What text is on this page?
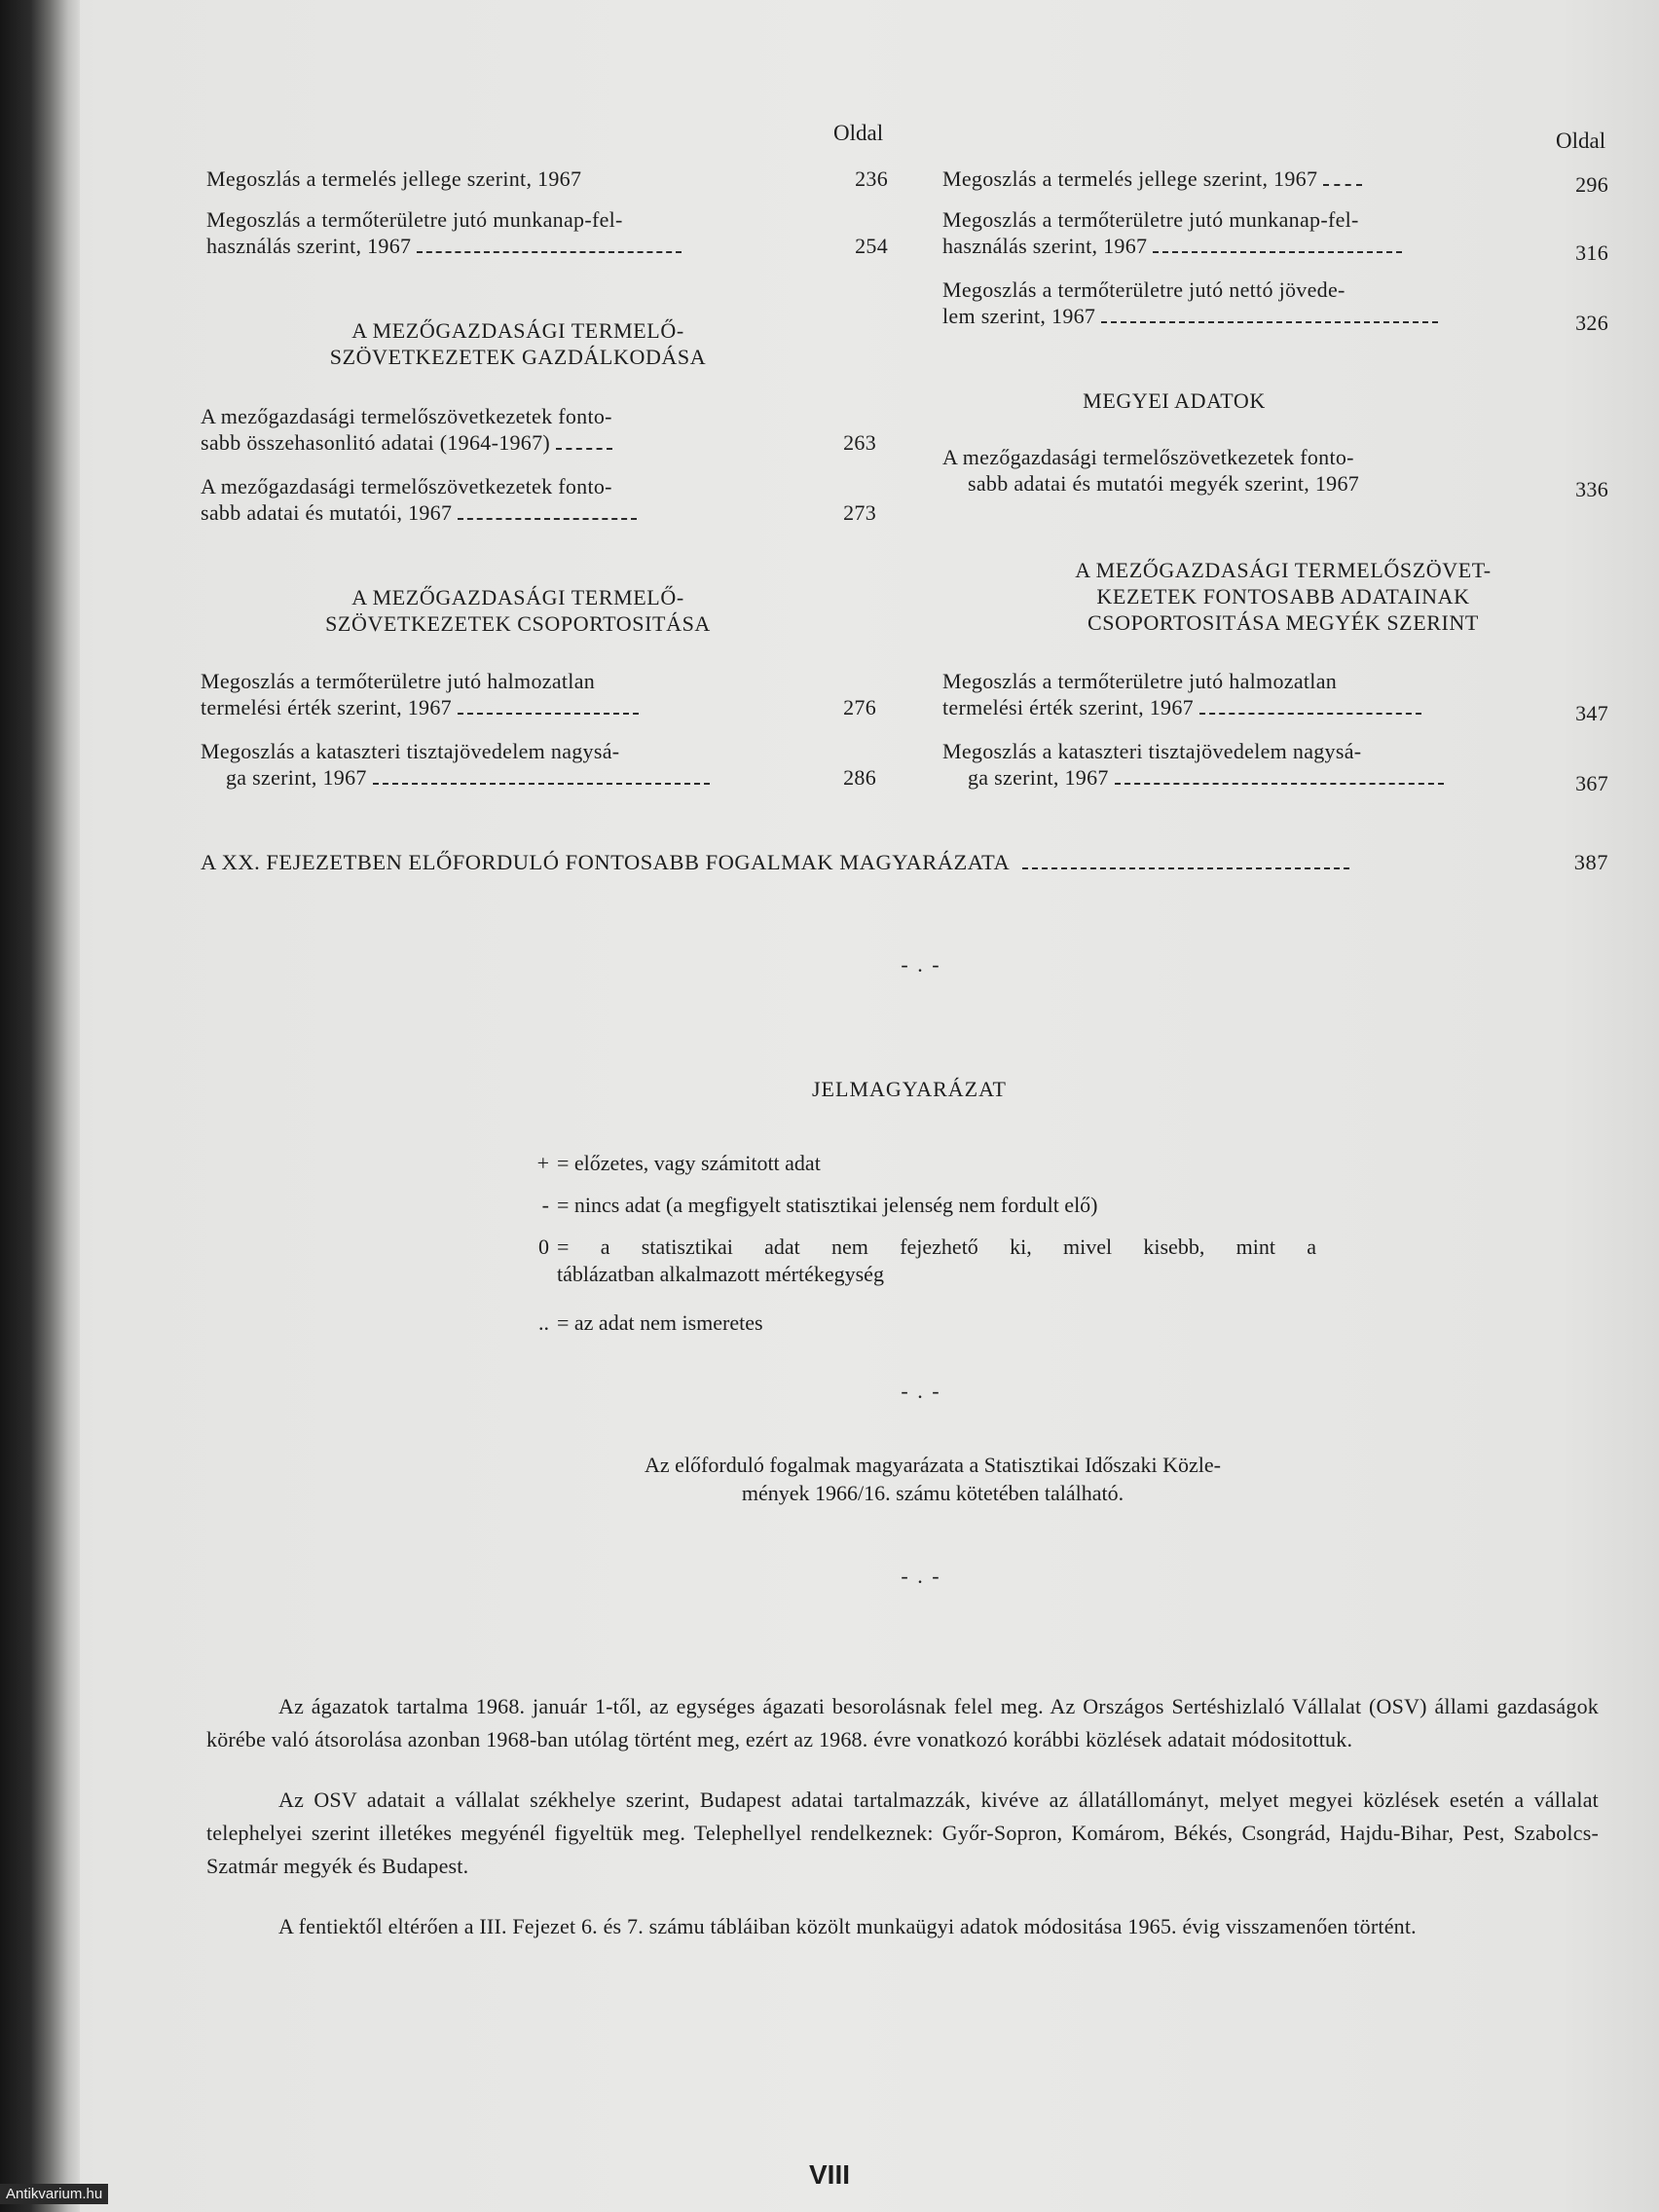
Oldal	Oldal
Megoszlás a termelés jellege szerint, 1967	236
Megoszlás a termőterületre jutó munkanap-fel-
használás szerint, 1967	254
A MEZŐGAZDASÁGI TERMELŐ-
SZÖVETKEZETEK GAZDÁLKODÁSA
A mezőgazdasági termelőszövetkezetek fonto-
sabb összehasonlitó adatai (1964-1967)	263
A mezőgazdasági termelőszövetkezetek fonto-
sabb adatai és mutatói, 1967	273
A MEZŐGAZDASÁGI TERMELŐ-
SZÖVETKEZETEK CSOPORTOSITÁSA
Megoszlás a termőterületre jutó halmozatlan
termelési érték szerint, 1967	276
Megoszlás a kataszteri tisztajövedelem nagysá-
ga szerint, 1967	286
Megoszlás a termelés jellege szerint, 1967	296
Megoszlás a termőterületre jutó munkanap-fel-
használás szerint, 1967	316
Megoszlás a termőterületre jutó nettó jövede-
lem szerint, 1967	326
MEGYEI ADATOK
A mezőgazdasági termelőszövetkezetek fonto-
sabb adatai és mutatói megyék szerint, 1967	336
A MEZŐGAZDASÁGI TERMELŐSZÖVET-
KEZETEK FONTOSABB ADATAINAK
CSOPORTOSITÁSA MEGYÉK SZERINT
Megoszlás a termőterületre jutó halmozatlan
termelési érték szerint, 1967	347
Megoszlás a kataszteri tisztajövedelem nagysá-
ga szerint, 1967	367
A XX. FEJEZETBEN ELŐFORDULÓ FONTOSABB FOGALMAK MAGYARÁZATA	387
- . -
JELMAGYARÁZAT
+ = előzetes, vagy számitott adat
- = nincs adat (a megfigyelt statisztikai jelenség nem fordult elő)
0 = a statisztikai adat nem fejezhető ki, mivel kisebb, mint a
táblázatban alkalmazott mértékegység
.. = az adat nem ismeretes
- . -
Az előforduló fogalmak magyarázata a Statisztikai Időszaki Közle-
mények 1966/16. számu kötetében található.
- . -

Az ágazatok tartalma 1968. január 1-től, az egységes ágazati besorolásnak felel meg. Az Országos Sertéshizlaló Vállalat (OSV) állami gazdaságok körébe való átsorolása azonban 1968-ban utólag történt meg, ezért az 1968. évre vonatkozó korábbi közlések adatait módositottuk.

Az OSV adatait a vállalat székhelye szerint, Budapest adatai tartalmazzák, kivéve az állatállományt, melyet megyei közlések esetén a vállalat telephelyei szerint illetékes megyénél figyeltük meg. Telephellyel rendelkeznek: Győr-Sopron, Komárom, Békés, Csongrád, Hajdu-Bihar, Pest, Szabolcs-Szatmár megyék és Budapest.

A fentiektől eltérően a III. Fejezet 6. és 7. számu tábláiban közölt munkaügyi adatok módositása 1965. évig visszamenően történt.

VIII
Antikvarium.hu
